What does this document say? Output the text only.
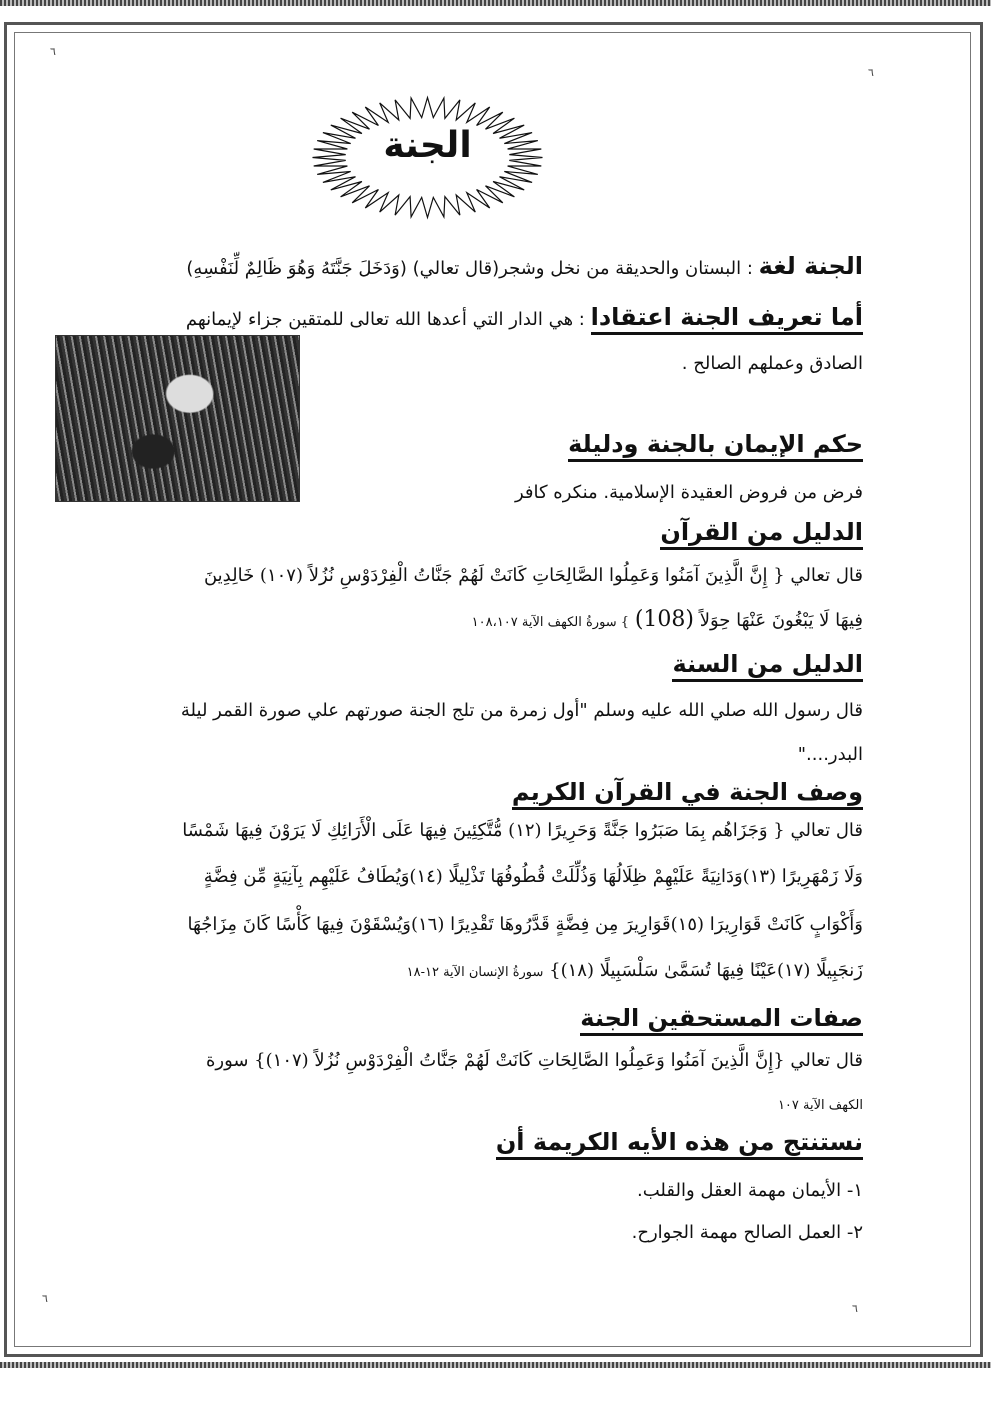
٦
٦
٦
٦
الجنة
الجنة لغة : البستان والحديقة من نخل وشجر(قال تعالي) (وَدَخَلَ جَنَّتَهُ وَهُوَ ظَالِمٌ لِّنَفْسِهِ)
أما تعريف الجنة اعتقادا : هي الدار التي أعدها الله تعالى للمتقين جزاء لإيمانهم
الصادق وعملهم الصالح .
حكم الإيمان بالجنة ودليلة
فرض من فروض العقيدة الإسلامية. منكره كافر
الدليل من القرآن
قال تعالي { إِنَّ الَّذِينَ آمَنُوا وَعَمِلُوا الصَّالِحَاتِ كَانَتْ لَهُمْ جَنَّاتُ الْفِرْدَوْسِ نُزُلاً (١٠٧) خَالِدِينَ
فِيهَا لَا يَبْغُونَ عَنْهَا حِوَلاً (108) } سورةُ الكهف الآية ١٠٨،١٠٧
الدليل من السنة
قال رسول الله صلي الله عليه وسلم "أول زمرة من تلج الجنة صورتهم علي صورة القمر ليلة
البدر...."
وصف الجنة في القرآن الكريم
قال تعالي { وَجَزَاهُم بِمَا صَبَرُوا جَنَّةً وَحَرِيرًا (١٢) مُّتَّكِئِينَ فِيهَا عَلَى الْأَرَائِكِ لَا يَرَوْنَ فِيهَا شَمْسًا
وَلَا زَمْهَرِيرًا (١٣)وَدَانِيَةً عَلَيْهِمْ ظِلَالُهَا وَذُلِّلَتْ قُطُوفُهَا تَذْلِيلًا (١٤)وَيُطَافُ عَلَيْهِم بِآنِيَةٍ مِّن فِضَّةٍ
وَأَكْوَابٍ كَانَتْ قَوَارِيرَا (١٥)قَوَارِيرَ مِن فِضَّةٍ قَدَّرُوهَا تَقْدِيرًا (١٦)وَيُسْقَوْنَ فِيهَا كَأْسًا كَانَ مِزَاجُهَا
زَنجَبِيلًا (١٧)عَيْنًا فِيهَا تُسَمَّىٰ سَلْسَبِيلًا (١٨)} سورةُ الإنسان الآية ١٢-١٨
صفات المستحقين الجنة
قال تعالي {إِنَّ الَّذِينَ آمَنُوا وَعَمِلُوا الصَّالِحَاتِ كَانَتْ لَهُمْ جَنَّاتُ الْفِرْدَوْسِ نُزُلاً (١٠٧)} سورة
الكهف الآية ١٠٧
نستنتج من هذه الأيه الكريمة أن
١- الأيمان مهمة العقل والقلب.
٢- العمل الصالح مهمة الجوارح.
